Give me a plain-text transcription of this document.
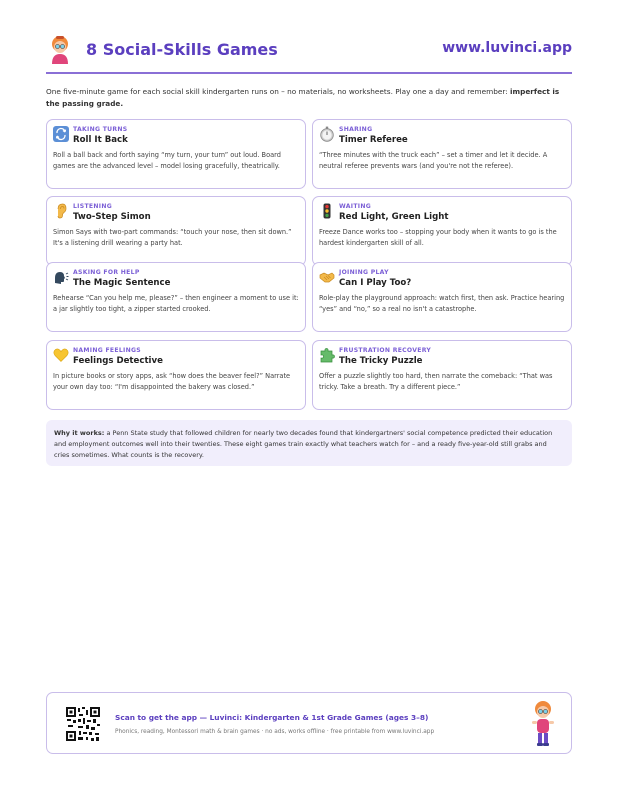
8 Social-Skills Games	www.luvinci.app
One five-minute game for each social skill kindergarten runs on – no materials, no worksheets. Play one a day and remember: imperfect is the passing grade.
TAKING TURNS
Roll It Back
Roll a ball back and forth saying “my turn, your turn” out loud. Board games are the advanced level – model losing gracefully, theatrically.
SHARING
Timer Referee
“Three minutes with the truck each” – set a timer and let it decide. A neutral referee prevents wars (and you're not the referee).
LISTENING
Two-Step Simon
Simon Says with two-part commands: “touch your nose, then sit down.” It's a listening drill wearing a party hat.
WAITING
Red Light, Green Light
Freeze Dance works too – stopping your body when it wants to go is the hardest kindergarten skill of all.
ASKING FOR HELP
The Magic Sentence
Rehearse “Can you help me, please?” – then engineer a moment to use it: a jar slightly too tight, a zipper started crooked.
JOINING PLAY
Can I Play Too?
Role-play the playground approach: watch first, then ask. Practice hearing “yes” and “no,” so a real no isn't a catastrophe.
NAMING FEELINGS
Feelings Detective
In picture books or story apps, ask “how does the beaver feel?” Narrate your own day too: “I'm disappointed the bakery was closed.”
FRUSTRATION RECOVERY
The Tricky Puzzle
Offer a puzzle slightly too hard, then narrate the comeback: “That was tricky. Take a breath. Try a different piece.”
Why it works: a Penn State study that followed children for nearly two decades found that kindergartners' social competence predicted their education and employment outcomes well into their twenties. These eight games train exactly what teachers watch for – and a ready five-year-old still grabs and cries sometimes. What counts is the recovery.
Scan to get the app — Luvinci: Kindergarten & 1st Grade Games (ages 3–8)
Phonics, reading, Montessori math & brain games · no ads, works offline · free printable from www.luvinci.app
